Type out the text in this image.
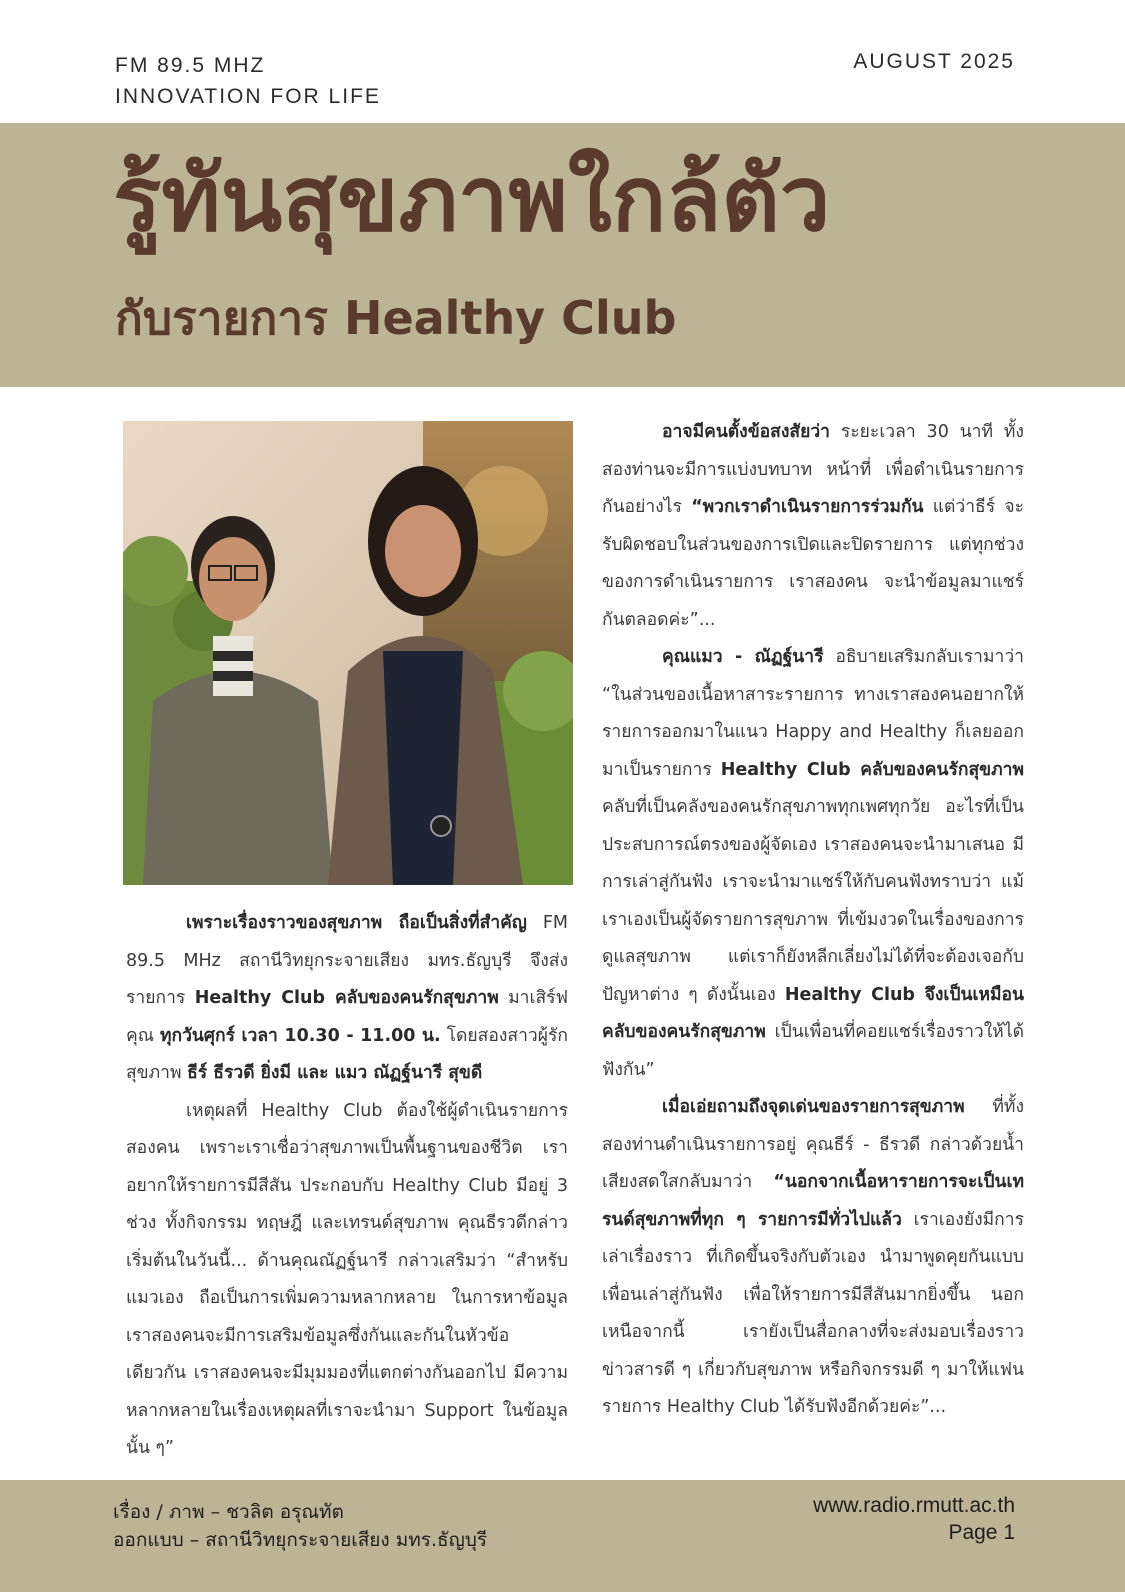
FM 89.5 MHZ
INNOVATION FOR LIFE
AUGUST 2025
รู้ทันสุขภาพใกล้ตัว
กับรายการ Healthy Club

เพราะเรื่องราวของสุขภาพ ถือเป็นสิ่งที่สำคัญ FM 89.5 MHz สถานีวิทยุกระจายเสียง มทร.ธัญบุรี จึงส่งรายการ Healthy Club คลับของคนรักสุขภาพ มาเสิร์ฟคุณ ทุกวันศุกร์ เวลา 10.30 - 11.00 น. โดยสองสาวผู้รักสุขภาพ ธีร์ ธีรวดี ยิ่งมี และ แมว ณัฏฐ์นารี สุขดี

เหตุผลที่ Healthy Club ต้องใช้ผู้ดำเนินรายการสองคน เพราะเราเชื่อว่าสุขภาพเป็นพื้นฐานของชีวิต เราอยากให้รายการมีสีสัน ประกอบกับ Healthy Club มีอยู่ 3 ช่วง ทั้งกิจกรรม ทฤษฎี และเทรนด์สุขภาพ คุณธีรวดีกล่าวเริ่มต้นในวันนี้... ด้านคุณณัฏฐ์นารี กล่าวเสริมว่า “สำหรับแมวเอง ถือเป็นการเพิ่มความหลากหลาย ในการหาข้อมูล เราสองคนจะมีการเสริมข้อมูลซึ่งกันและกันในหัวข้อเดียวกัน เราสองคนจะมีมุมมองที่แตกต่างกันออกไป มีความหลากหลายในเรื่องเหตุผลที่เราจะนำมา Support ในข้อมูลนั้น ๆ”

อาจมีคนตั้งข้อสงสัยว่า ระยะเวลา 30 นาที ทั้งสองท่านจะมีการแบ่งบทบาท หน้าที่ เพื่อดำเนินรายการ กันอย่างไร “พวกเราดำเนินรายการร่วมกัน แต่ว่าธีร์ จะรับผิดชอบในส่วนของการเปิดและปิดรายการ แต่ทุกช่วงของการดำเนินรายการ เราสองคน จะนำข้อมูลมาแชร์ กันตลอดค่ะ”...

คุณแมว - ณัฏฐ์นารี อธิบายเสริมกลับเรามาว่า “ในส่วนของเนื้อหาสาระรายการ ทางเราสองคนอยากให้รายการออกมาในแนว Happy and Healthy ก็เลยออกมาเป็นรายการ Healthy Club คลับของคนรักสุขภาพ คลับที่เป็นคลังของคนรักสุขภาพทุกเพศทุกวัย อะไรที่เป็นประสบการณ์ตรงของผู้จัดเอง เราสองคนจะนำมาเสนอ มีการเล่าสู่กันฟัง เราจะนำมาแชร์ให้กับคนฟังทราบว่า แม้เราเองเป็นผู้จัดรายการสุขภาพ ที่เข้มงวดในเรื่องของการดูแลสุขภาพ แต่เราก็ยังหลีกเลี่ยงไม่ได้ที่จะต้องเจอกับปัญหาต่าง ๆ ดังนั้นเอง Healthy Club จึงเป็นเหมือน คลับของคนรักสุขภาพ เป็นเพื่อนที่คอยแชร์เรื่องราวให้ได้ฟังกัน”

เมื่อเอ่ยถามถึงจุดเด่นของรายการสุขภาพ ที่ทั้งสองท่านดำเนินรายการอยู่ คุณธีร์ - ธีรวดี กล่าวด้วยน้ำเสียงสดใสกลับมาว่า “นอกจากเนื้อหารายการจะเป็นเทรนด์สุขภาพที่ทุก ๆ รายการมีทั่วไปแล้ว เราเองยังมีการเล่าเรื่องราว ที่เกิดขึ้นจริงกับตัวเอง นำมาพูดคุยกันแบบเพื่อนเล่าสู่กันฟัง เพื่อให้รายการมีสีสันมากยิ่งขึ้น นอกเหนือจากนี้ เรายังเป็นสื่อกลางที่จะส่งมอบเรื่องราว ข่าวสารดี ๆ เกี่ยวกับสุขภาพ หรือกิจกรรมดี ๆ มาให้แฟนรายการ Healthy Club ได้รับฟังอีกด้วยค่ะ”...

เรื่อง / ภาพ – ชวลิต อรุณทัต
ออกแบบ – สถานีวิทยุกระจายเสียง มทร.ธัญบุรี
www.radio.rmutt.ac.th
Page 1
